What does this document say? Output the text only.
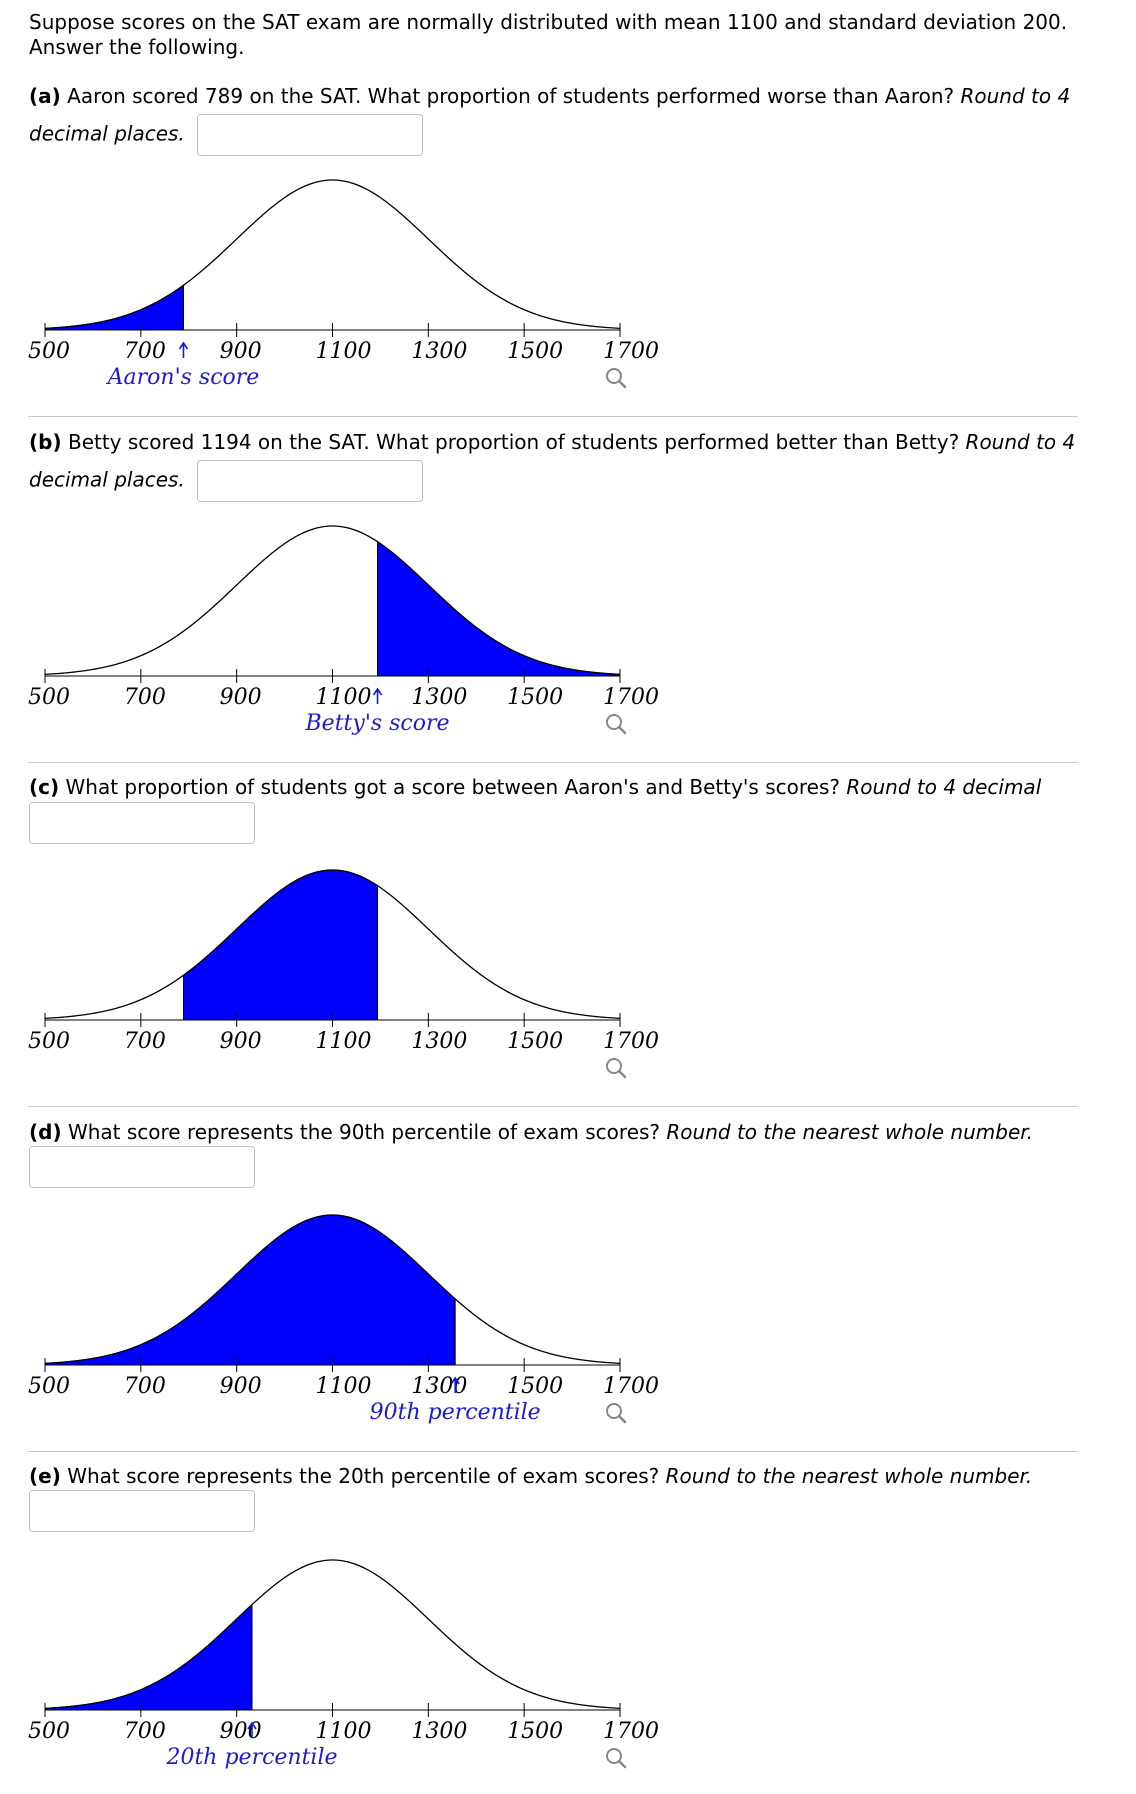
Suppose scores on the SAT exam are normally distributed with mean 1100 and standard deviation 200.
Answer the following.
(a) Aaron scored 789 on the SAT. What proportion of students performed worse than Aaron? Round to 4 decimal places.
500 700 900 1100 1300 1500 1700
Aaron's score
(b) Betty scored 1194 on the SAT. What proportion of students performed better than Betty? Round to 4 decimal places.
500 700 900 1100 1300 1500 1700
Betty's score
(c) What proportion of students got a score between Aaron's and Betty's scores? Round to 4 decimal
500 700 900 1100 1300 1500 1700
(d) What score represents the 90th percentile of exam scores? Round to the nearest whole number.
500 700 900 1100 1300 1500 1700
90th percentile
(e) What score represents the 20th percentile of exam scores? Round to the nearest whole number.
500 700 900 1100 1300 1500 1700
20th percentile
